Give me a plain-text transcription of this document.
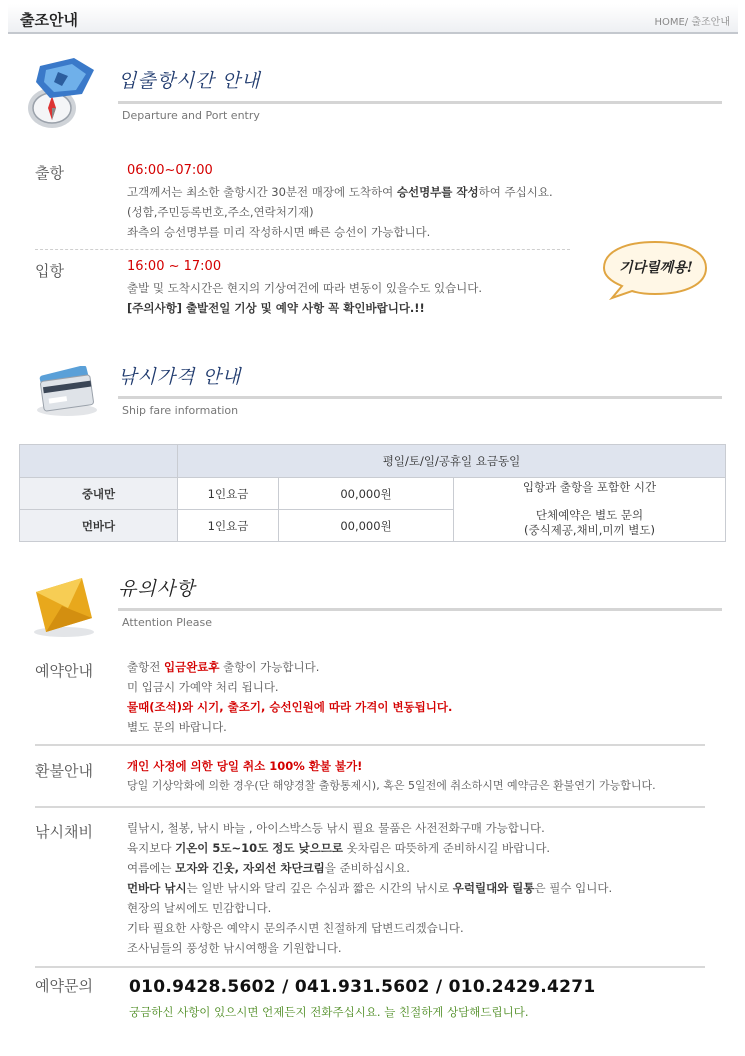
출조안내	HOME/ 출조안내
입출항시간 안내
Departure and Port entry
출항	06:00~07:00
고객께서는 최소한 출항시간 30분전 매장에 도착하여 승선명부를 작성하여 주십시요.
(성함,주민등록번호,주소,연락처기재)
좌측의 승선명부를 미리 작성하시면 빠른 승선이 가능합니다.
입항	16:00 ~ 17:00
출발 및 도착시간은 현지의 기상여건에 따라 변동이 있을수도 있습니다.
[주의사항] 출발전일 기상 및 예약 사항 꼭 확인바랍니다.!!
기다릴께용!
낚시가격 안내
Ship fare information
	평일/토/일/공휴일 요금동일		
중내만	1인요금	00,000원	입항과 출항을 포함한 시간
단체예약은 별도 문의
(중식제공,채비,미끼 별도)

먼바다	1인요금	00,000원	
유의사항
Attention Please
예약안내	출항전 입금완료후 출항이 가능합니다.
미 입금시 가예약 처리 됩니다.
물때(조석)와 시기, 출조기, 승선인원에 따라 가격이 변동됩니다.
별도 문의 바랍니다.
환불안내	개인 사정에 의한 당일 취소 100% 환불 불가!
당일 기상악화에 의한 경우(단 해양경찰 출항통제시), 혹은 5일전에 취소하시면 예약금은 환불연기 가능합니다.
낚시채비	릴낚시, 철봉, 낚시 바늘 , 아이스박스등 낚시 필요 물품은 사전전화구매 가능합니다.
육지보다 기온이 5도~10도 정도 낮으므로 옷차림은 따뜻하게 준비하시길 바랍니다.
여름에는 모자와 긴옷, 자외선 차단크림을 준비하십시요.
먼바다 낚시는 일반 낚시와 달리 깊은 수심과 짧은 시간의 낚시로 우럭릴대와 릴통은 필수 입니다.
현장의 날씨에도 민감합니다.
기타 필요한 사항은 예약시 문의주시면 친절하게 답변드리겠습니다.
조사님들의 풍성한 낚시여행을 기원합니다.
예약문의 010.9428.5602 / 041.931.5602 / 010.2429.4271
궁금하신 사항이 있으시면 언제든지 전화주십시요. 늘 친절하게 상담해드립니다.
